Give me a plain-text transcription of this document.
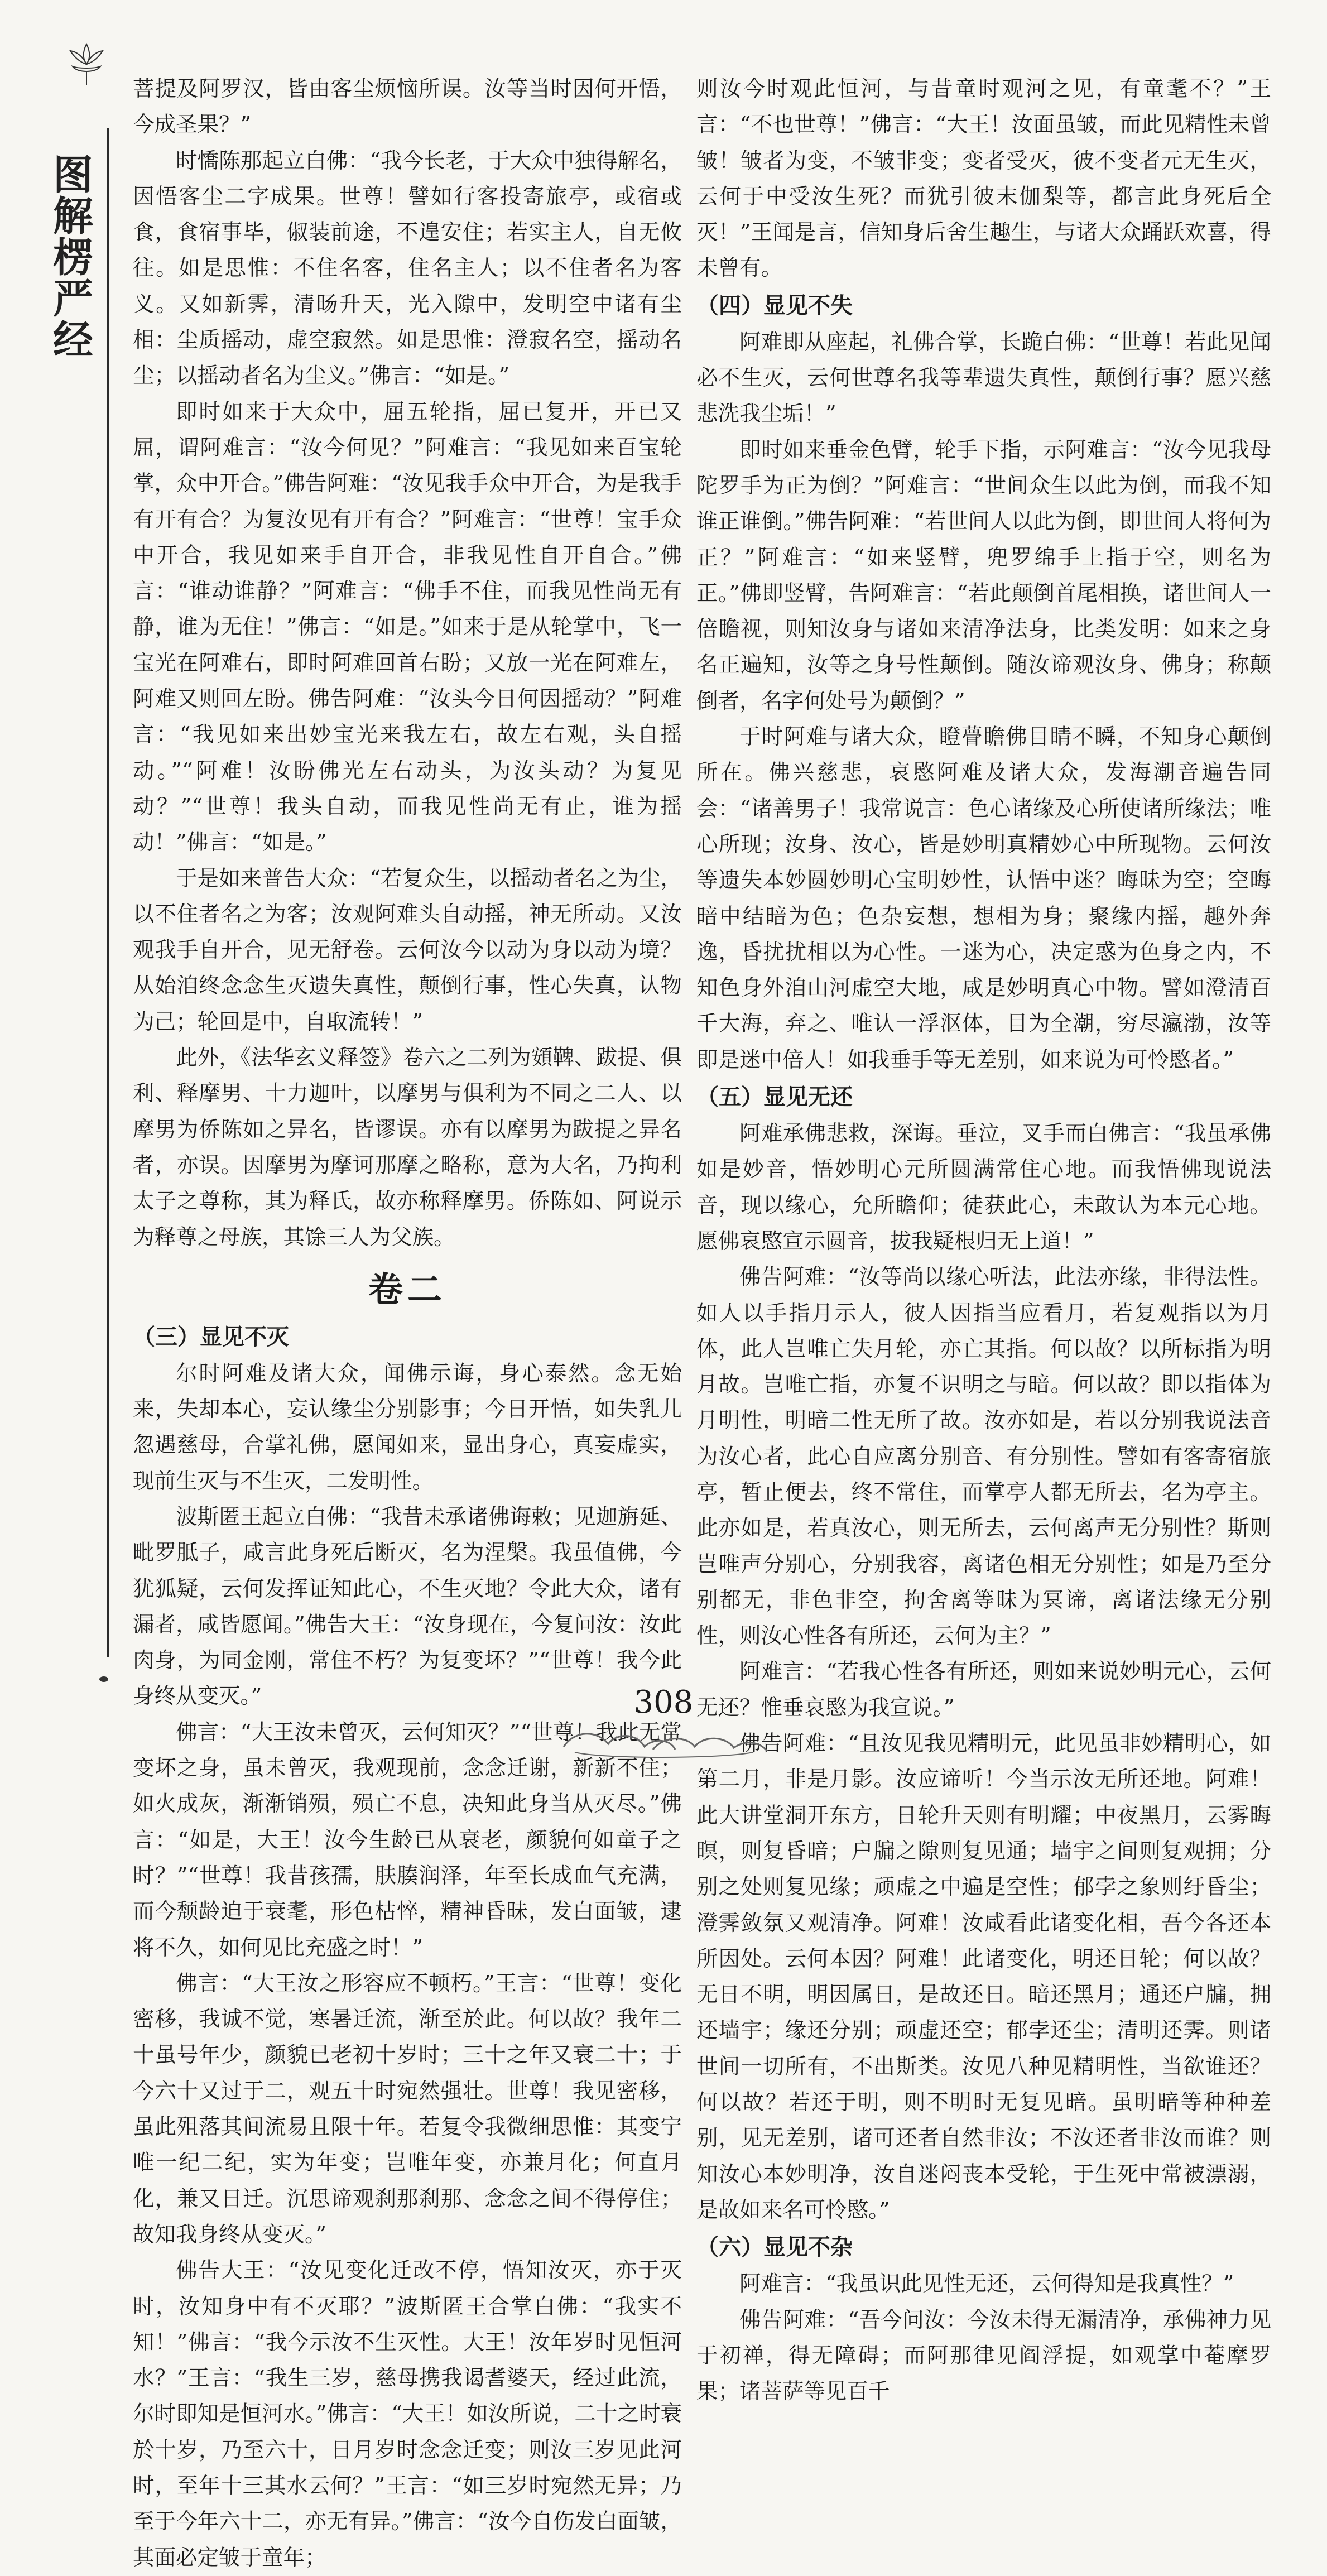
图解楞严经

菩提及阿罗汉，皆由客尘烦恼所误。汝等当时因何开悟，今成圣果？”

时憍陈那起立白佛：“我今长老，于大众中独得解名，因悟客尘二字成果。世尊！譬如行客投寄旅亭，或宿或食，食宿事毕，俶装前途，不遑安住；若实主人，自无攸往。如是思惟：不住名客，住名主人；以不住者名为客义。又如新霁，清旸升天，光入隙中，发明空中诸有尘相：尘质摇动，虚空寂然。如是思惟：澄寂名空，摇动名尘；以摇动者名为尘义。”佛言：“如是。”

即时如来于大众中，屈五轮指，屈已复开，开已又屈，谓阿难言：“汝今何见？”阿难言：“我见如来百宝轮掌，众中开合。”佛告阿难：“汝见我手众中开合，为是我手有开有合？为复汝见有开有合？”阿难言：“世尊！宝手众中开合，我见如来手自开合，非我见性自开自合。”佛言：“谁动谁静？”阿难言：“佛手不住，而我见性尚无有静，谁为无住！”佛言：“如是。”如来于是从轮掌中，飞一宝光在阿难右，即时阿难回首右盼；又放一光在阿难左，阿难又则回左盼。佛告阿难：“汝头今日何因摇动？”阿难言：“我见如来出妙宝光来我左右，故左右观，头自摇动。”“阿难！汝盼佛光左右动头，为汝头动？为复见动？”“世尊！我头自动，而我见性尚无有止，谁为摇动！”佛言：“如是。”

于是如来普告大众：“若复众生，以摇动者名之为尘，以不住者名之为客；汝观阿难头自动摇，神无所动。又汝观我手自开合，见无舒卷。云何汝今以动为身以动为境？从始洎终念念生灭遗失真性，颠倒行事，性心失真，认物为己；轮回是中，自取流转！”

此外，《法华玄义释签》卷六之二列为頞鞞、跋提、俱利、释摩男、十力迦叶，以摩男与俱利为不同之二人、以摩男为侨陈如之异名，皆谬误。亦有以摩男为跋提之异名者，亦误。因摩男为摩诃那摩之略称，意为大名，乃拘利太子之尊称，其为释氏，故亦称释摩男。侨陈如、阿说示为释尊之母族，其馀三人为父族。

卷二
（三）显见不灭

尔时阿难及诸大众，闻佛示诲，身心泰然。念无始来，失却本心，妄认缘尘分别影事；今日开悟，如失乳儿忽遇慈母，合掌礼佛，愿闻如来，显出身心，真妄虚实，现前生灭与不生灭，二发明性。

波斯匿王起立白佛：“我昔未承诸佛诲敕；见迦旃延、毗罗胝子，咸言此身死后断灭，名为涅槃。我虽值佛，今犹狐疑，云何发挥证知此心，不生灭地？令此大众，诸有漏者，咸皆愿闻。”佛告大王：“汝身现在，今复问汝：汝此肉身，为同金刚，常住不朽？为复变坏？”“世尊！我今此身终从变灭。”

佛言：“大王汝未曾灭，云何知灭？”“世尊！我此无常变坏之身，虽未曾灭，我观现前，念念迁谢，新新不住；如火成灰，渐渐销殒，殒亡不息，决知此身当从灭尽。”佛言：“如是，大王！汝今生龄已从衰老，颜貌何如童子之时？”“世尊！我昔孩孺，肤腠润泽，年至长成血气充满，而今颓龄迫于衰耄，形色枯悴，精神昏昧，发白面皱，逮将不久，如何见比充盛之时！”

佛言：“大王汝之形容应不顿朽。”王言：“世尊！变化密移，我诚不觉，寒暑迁流，渐至於此。何以故？我年二十虽号年少，颜貌已老初十岁时；三十之年又衰二十；于今六十又过于二，观五十时宛然强壮。世尊！我见密移，虽此殂落其间流易且限十年。若复令我微细思惟：其变宁唯一纪二纪，实为年变；岂唯年变，亦兼月化；何直月化，兼又日迁。沉思谛观刹那刹那、念念之间不得停住；故知我身终从变灭。”

佛告大王：“汝见变化迁改不停，悟知汝灭，亦于灭时，汝知身中有不灭耶？”波斯匿王合掌白佛：“我实不知！”佛言：“我今示汝不生灭性。大王！汝年岁时见恒河水？”王言：“我生三岁，慈母携我谒耆婆天，经过此流，尔时即知是恒河水。”佛言：“大王！如汝所说，二十之时衰於十岁，乃至六十，日月岁时念念迁变；则汝三岁见此河时，至年十三其水云何？”王言：“如三岁时宛然无异；乃至于今年六十二，亦无有异。”佛言：“汝今自伤发白面皱，其面必定皱于童年；

则汝今时观此恒河，与昔童时观河之见，有童耄不？”王言：“不也世尊！”佛言：“大王！汝面虽皱，而此见精性未曾皱！皱者为变，不皱非变；变者受灭，彼不变者元无生灭，云何于中受汝生死？而犹引彼末伽梨等，都言此身死后全灭！”王闻是言，信知身后舍生趣生，与诸大众踊跃欢喜，得未曾有。

（四）显见不失

阿难即从座起，礼佛合掌，长跪白佛：“世尊！若此见闻必不生灭，云何世尊名我等辈遗失真性，颠倒行事？愿兴慈悲洗我尘垢！”

即时如来垂金色臂，轮手下指，示阿难言：“汝今见我母陀罗手为正为倒？”阿难言：“世间众生以此为倒，而我不知谁正谁倒。”佛告阿难：“若世间人以此为倒，即世间人将何为正？”阿难言：“如来竖臂，兜罗绵手上指于空，则名为正。”佛即竖臂，告阿难言：“若此颠倒首尾相换，诸世间人一倍瞻视，则知汝身与诸如来清净法身，比类发明：如来之身名正遍知，汝等之身号性颠倒。随汝谛观汝身、佛身；称颠倒者，名字何处号为颠倒？”

于时阿难与诸大众，瞪瞢瞻佛目睛不瞬，不知身心颠倒所在。佛兴慈悲，哀愍阿难及诸大众，发海潮音遍告同会：“诸善男子！我常说言：色心诸缘及心所使诸所缘法；唯心所现；汝身、汝心，皆是妙明真精妙心中所现物。云何汝等遗失本妙圆妙明心宝明妙性，认悟中迷？晦昧为空；空晦暗中结暗为色；色杂妄想，想相为身；聚缘内摇，趣外奔逸，昏扰扰相以为心性。一迷为心，决定惑为色身之内，不知色身外洎山河虚空大地，咸是妙明真心中物。譬如澄清百千大海，弃之、唯认一浮沤体，目为全潮，穷尽瀛渤，汝等即是迷中倍人！如我垂手等无差别，如来说为可怜愍者。”

（五）显见无还

阿难承佛悲救，深诲。垂泣，叉手而白佛言：“我虽承佛如是妙音，悟妙明心元所圆满常住心地。而我悟佛现说法音，现以缘心，允所瞻仰；徒获此心，未敢认为本元心地。愿佛哀愍宣示圆音，拔我疑根归无上道！”

佛告阿难：“汝等尚以缘心听法，此法亦缘，非得法性。如人以手指月示人，彼人因指当应看月，若复观指以为月体，此人岂唯亡失月轮，亦亡其指。何以故？以所标指为明月故。岂唯亡指，亦复不识明之与暗。何以故？即以指体为月明性，明暗二性无所了故。汝亦如是，若以分别我说法音为汝心者，此心自应离分别音、有分别性。譬如有客寄宿旅亭，暂止便去，终不常住，而掌亭人都无所去，名为亭主。此亦如是，若真汝心，则无所去，云何离声无分别性？斯则岂唯声分别心，分别我容，离诸色相无分别性；如是乃至分别都无，非色非空，拘舍离等昧为冥谛，离诸法缘无分别性，则汝心性各有所还，云何为主？”

阿难言：“若我心性各有所还，则如来说妙明元心，云何无还？惟垂哀愍为我宣说。”

佛告阿难：“且汝见我见精明元，此见虽非妙精明心，如第二月，非是月影。汝应谛听！今当示汝无所还地。阿难！此大讲堂洞开东方，日轮升天则有明耀；中夜黑月，云雾晦暝，则复昏暗；户牖之隙则复见通；墙宇之间则复观拥；分别之处则复见缘；顽虚之中遍是空性；郁孛之象则纡昏尘；澄霁敛氛又观清净。阿难！汝咸看此诸变化相，吾今各还本所因处。云何本因？阿难！此诸变化，明还日轮；何以故？无日不明，明因属日，是故还日。暗还黑月；通还户牖，拥还墙宇；缘还分别；顽虚还空；郁孛还尘；清明还霁。则诸世间一切所有，不出斯类。汝见八种见精明性，当欲谁还？何以故？若还于明，则不明时无复见暗。虽明暗等种种差别，见无差别，诸可还者自然非汝；不汝还者非汝而谁？则知汝心本妙明净，汝自迷闷丧本受轮，于生死中常被漂溺，是故如来名可怜愍。”

（六）显见不杂

阿难言：“我虽识此见性无还，云何得知是我真性？”

佛告阿难：“吾今问汝：今汝未得无漏清净，承佛神力见于初禅，得无障碍；而阿那律见阎浮提，如观掌中菴摩罗果；诸菩萨等见百千

308
